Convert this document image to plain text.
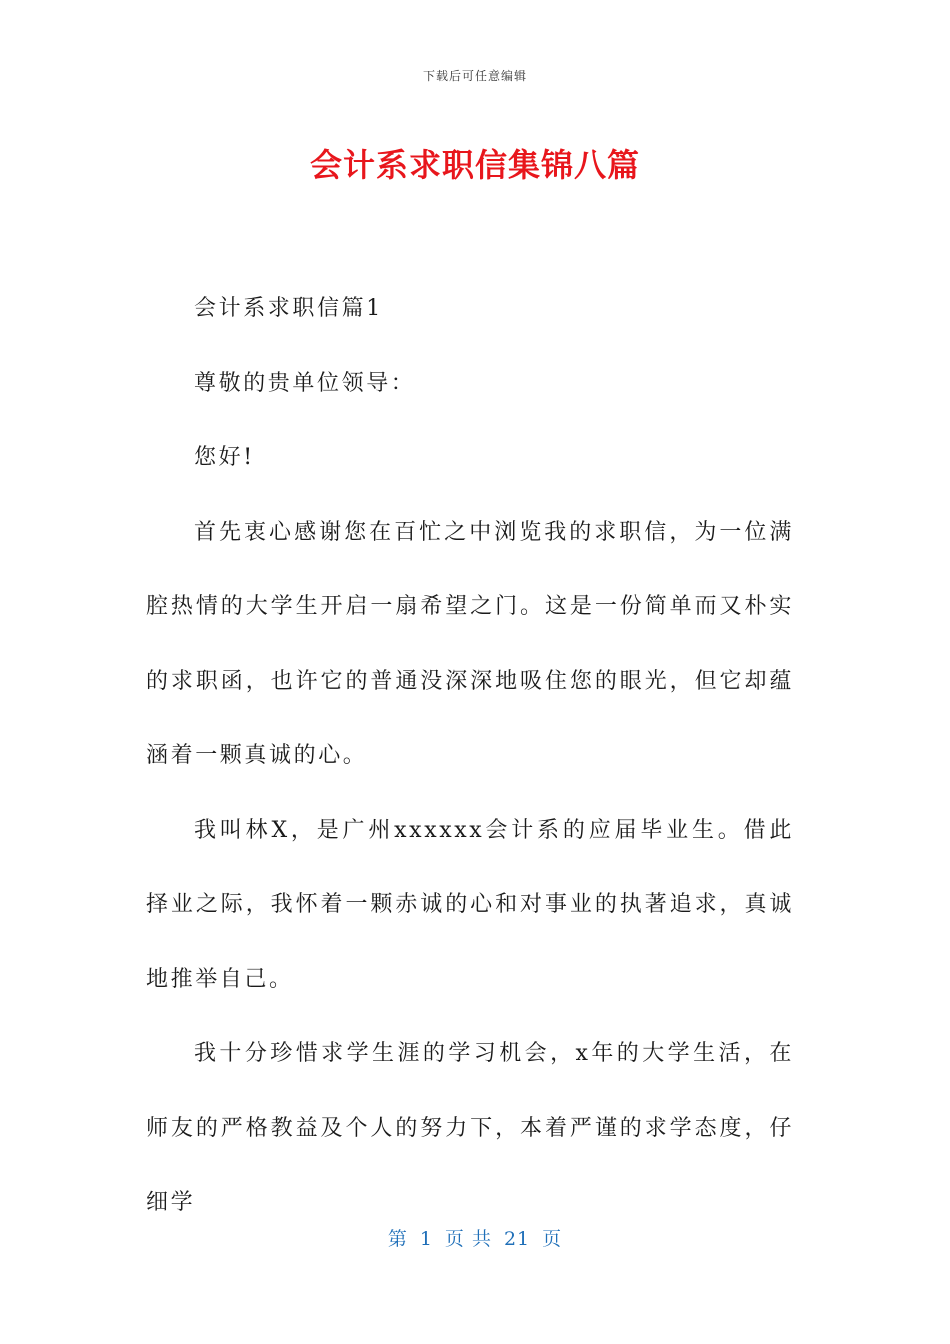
下载后可任意编辑
会计系求职信集锦八篇

会计系求职信篇1

尊敬的贵单位领导：

您好!

首先衷心感谢您在百忙之中浏览我的求职信，为一位满腔热情的大学生开启一扇希望之门。这是一份简单而又朴实的求职函，也许它的普通没深深地吸住您的眼光，但它却蕴涵着一颗真诚的心。

我叫林X，是广州xxxxxx会计系的应届毕业生。借此择业之际，我怀着一颗赤诚的心和对事业的执著追求，真诚地推举自己。

我十分珍惜求学生涯的学习机会，x年的大学生活，在师友的严格教益及个人的努力下，本着严谨的求学态度，仔细学

第 1 页 共 21 页
